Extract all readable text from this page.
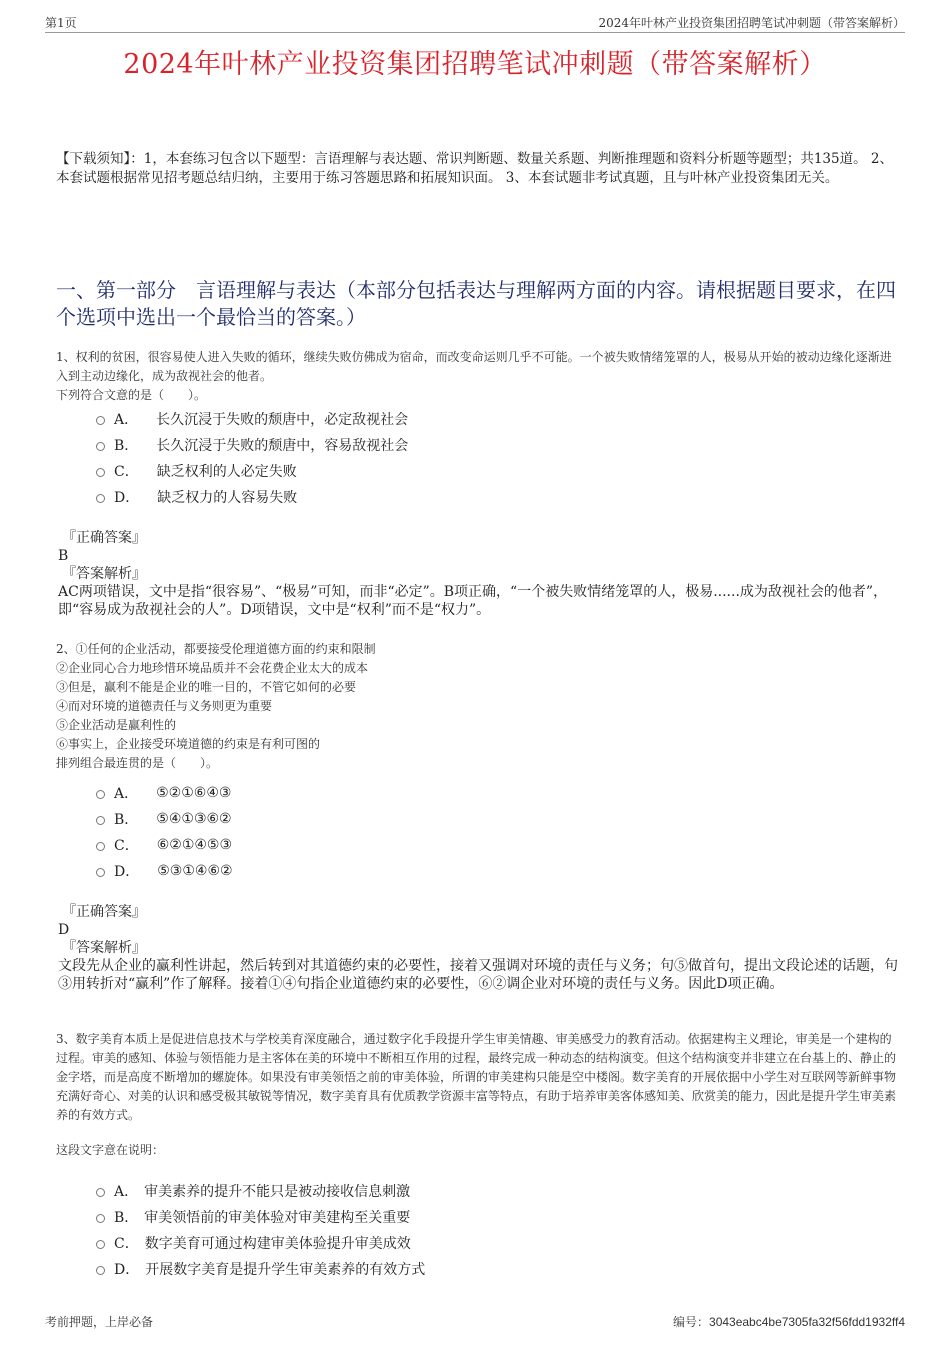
第1页	2024年叶林产业投资集团招聘笔试冲刺题（带答案解析）
2024年叶林产业投资集团招聘笔试冲刺题（带答案解析）
【下载须知】：1，本套练习包含以下题型：言语理解与表达题、常识判断题、数量关系题、判断推理题和资料分析题等题型；共135道。 2、本套试题根据常见招考题总结归纳，主要用于练习答题思路和拓展知识面。 3、本套试题非考试真题，且与叶林产业投资集团无关。
一、第一部分　言语理解与表达（本部分包括表达与理解两方面的内容。请根据题目要求，在四个选项中选出一个最恰当的答案。）

1、权利的贫困，很容易使人进入失败的循环，继续失败仿佛成为宿命，而改变命运则几乎不可能。一个被失败情绪笼罩的人，极易从开始的被动边缘化逐渐进入到主动边缘化，成为敌视社会的他者。

下列符合文意的是（　　）。

A． 长久沉浸于失败的颓唐中，必定敌视社会
B． 长久沉浸于失败的颓唐中，容易敌视社会
C． 缺乏权利的人必定失败
D． 缺乏权力的人容易失败

『正确答案』

B

『答案解析』

AC两项错误，文中是指“很容易”、“极易”可知，而非“必定”。B项正确，“一个被失败情绪笼罩的人，极易......成为敌视社会的他者”，即“容易成为敌视社会的人”。D项错误，文中是“权利”而不是“权力”。

2、①任何的企业活动，都要接受伦理道德方面的约束和限制

②企业同心合力地珍惜环境品质并不会花费企业太大的成本

③但是，赢利不能是企业的唯一目的，不管它如何的必要

④而对环境的道德责任与义务则更为重要

⑤企业活动是赢利性的

⑥事实上，企业接受环境道德的约束是有利可图的

排列组合最连贯的是（　　）。

A． ⑤②①⑥④③
B． ⑤④①③⑥②
C． ⑥②①④⑤③
D． ⑤③①④⑥②

『正确答案』

D

『答案解析』

文段先从企业的赢利性讲起，然后转到对其道德约束的必要性，接着又强调对环境的责任与义务；句⑤做首句，提出文段论述的话题，句③用转折对“赢利”作了解释。接着①④句指企业道德约束的必要性，⑥②调企业对环境的责任与义务。因此D项正确。

3、数字美育本质上是促进信息技术与学校美育深度融合，通过数字化手段提升学生审美情趣、审美感受力的教育活动。依据建构主义理论，审美是一个建构的过程。审美的感知、体验与领悟能力是主客体在美的环境中不断相互作用的过程，最终完成一种动态的结构演变。但这个结构演变并非建立在台基上的、静止的金字塔，而是高度不断增加的螺旋体。如果没有审美领悟之前的审美体验，所谓的审美建构只能是空中楼阁。数字美育的开展依据中小学生对互联网等新鲜事物充满好奇心、对美的认识和感受极其敏锐等情况，数字美育具有优质教学资源丰富等特点，有助于培养审美客体感知美、欣赏美的能力，因此是提升学生审美素养的有效方式。

这段文字意在说明：

A． 审美素养的提升不能只是被动接收信息刺激
B． 审美领悟前的审美体验对审美建构至关重要
C． 数字美育可通过构建审美体验提升审美成效
D． 开展数字美育是提升学生审美素养的有效方式
考前押题，上岸必备	编号：3043eabc4be7305fa32f56fdd1932ff4
